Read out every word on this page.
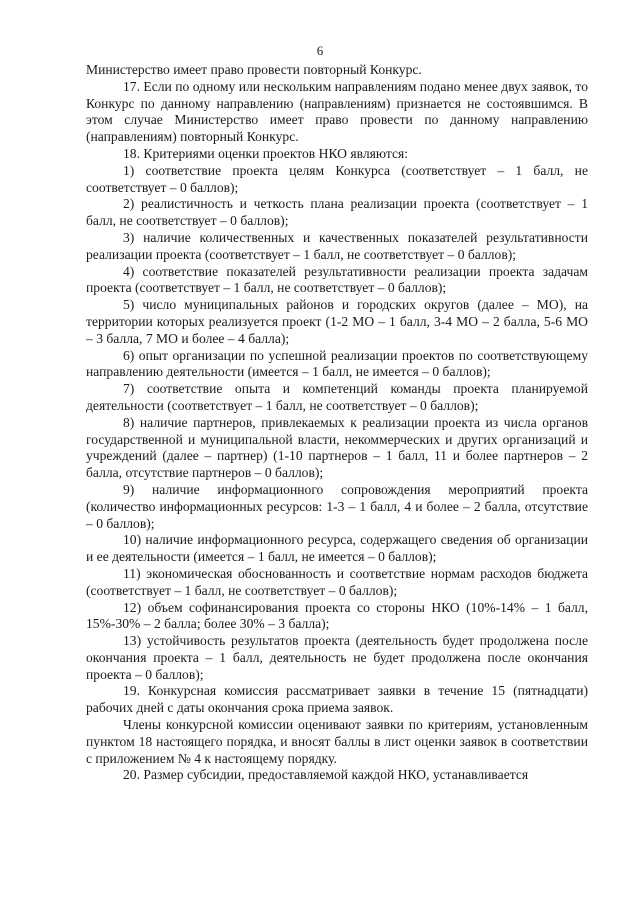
6

Министерство имеет право провести повторный Конкурс.

17. Если по одному или нескольким направлениям подано менее двух заявок, то Конкурс по данному направлению (направлениям) признается не состоявшимся. В этом случае Министерство имеет право провести по данному направлению (направлениям) повторный Конкурс.

18. Критериями оценки проектов НКО являются:

1) соответствие проекта целям Конкурса (соответствует – 1 балл, не соответствует – 0 баллов);

2) реалистичность и четкость плана реализации проекта (соответствует – 1 балл, не соответствует – 0 баллов);

3) наличие количественных и качественных показателей результативности реализации проекта (соответствует – 1 балл, не соответствует – 0 баллов);

4) соответствие показателей результативности реализации проекта задачам проекта (соответствует – 1 балл, не соответствует – 0 баллов);

5) число муниципальных районов и городских округов (далее – МО), на территории которых реализуется проект (1-2 МО – 1 балл, 3-4 МО – 2 балла, 5-6 МО – 3 балла, 7 МО и более – 4 балла);

6) опыт организации по успешной реализации проектов по соответствующему направлению деятельности (имеется – 1 балл, не имеется – 0 баллов);

7) соответствие опыта и компетенций команды проекта планируемой деятельности (соответствует – 1 балл, не соответствует – 0 баллов);

8) наличие партнеров, привлекаемых к реализации проекта из числа органов государственной и муниципальной власти, некоммерческих и других организаций и учреждений (далее – партнер) (1-10 партнеров – 1 балл, 11 и более партнеров – 2 балла, отсутствие партнеров – 0 баллов);

9) наличие информационного сопровождения мероприятий проекта (количество информационных ресурсов: 1-3 – 1 балл, 4 и более – 2 балла, отсутствие – 0 баллов);

10) наличие информационного ресурса, содержащего сведения об организации и ее деятельности (имеется – 1 балл, не имеется – 0 баллов);

11) экономическая обоснованность и соответствие нормам расходов бюджета (соответствует – 1 балл, не соответствует – 0 баллов);

12) объем софинансирования проекта со стороны НКО (10%-14% – 1 балл, 15%-30% – 2 балла; более 30% – 3 балла);

13) устойчивость результатов проекта (деятельность будет продолжена после окончания проекта – 1 балл, деятельность не будет продолжена после окончания проекта – 0 баллов);

19. Конкурсная комиссия рассматривает заявки в течение 15 (пятнадцати) рабочих дней с даты окончания срока приема заявок.

Члены конкурсной комиссии оценивают заявки по критериям, установленным пунктом 18 настоящего порядка, и вносят баллы в лист оценки заявок в соответствии с приложением № 4 к настоящему порядку.

20. Размер субсидии, предоставляемой каждой НКО, устанавливается
